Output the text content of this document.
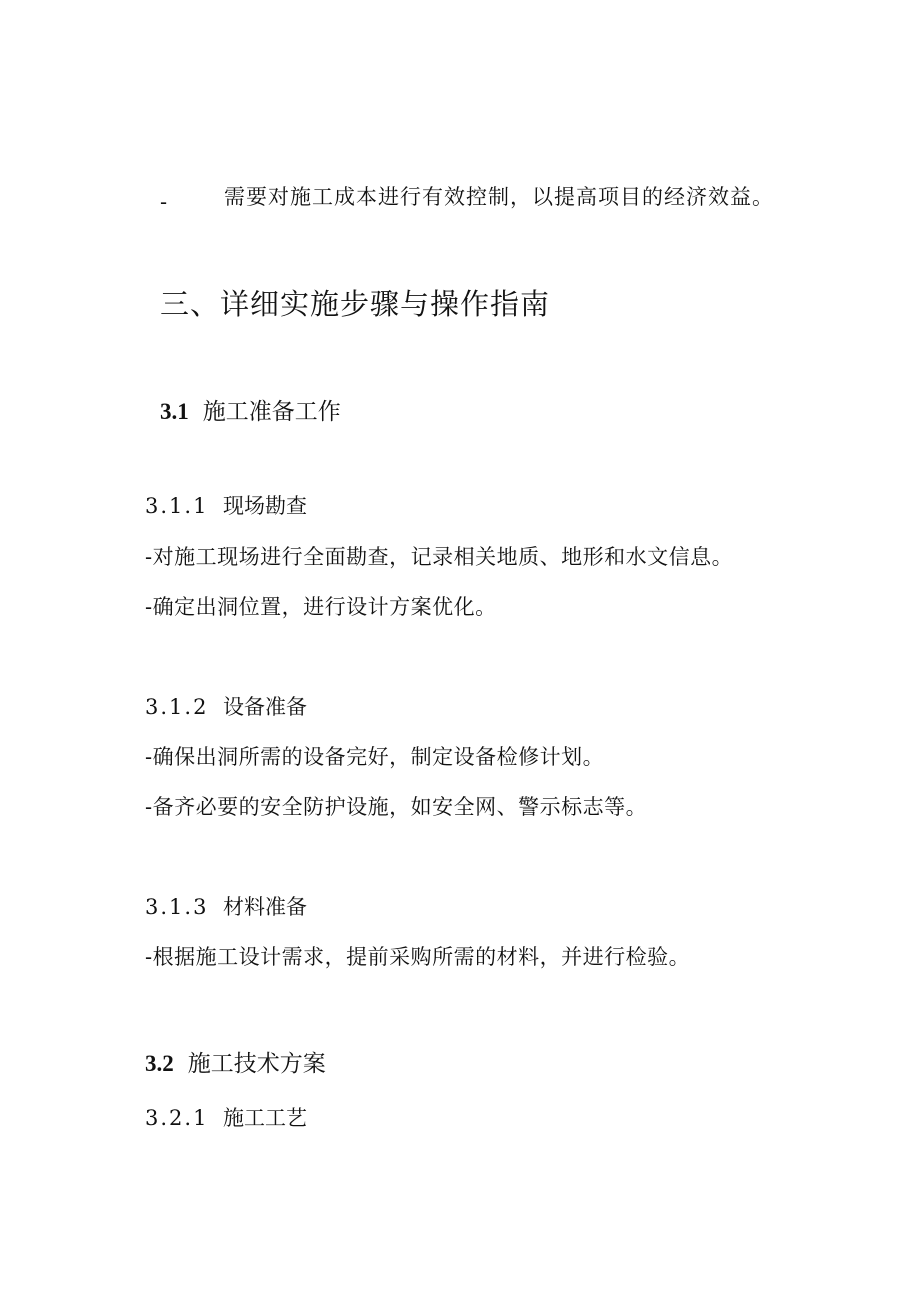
-	需要对施工成本进行有效控制，以提高项目的经济效益。
三、详细实施步骤与操作指南
3.1 施工准备工作
3.1.1 现场勘查
-对施工现场进行全面勘查，记录相关地质、地形和水文信息。
-确定出洞位置，进行设计方案优化。
3.1.2 设备准备
-确保出洞所需的设备完好，制定设备检修计划。
-备齐必要的安全防护设施，如安全网、警示标志等。
3.1.3 材料准备
-根据施工设计需求，提前采购所需的材料，并进行检验。
3.2 施工技术方案
3.2.1 施工工艺
